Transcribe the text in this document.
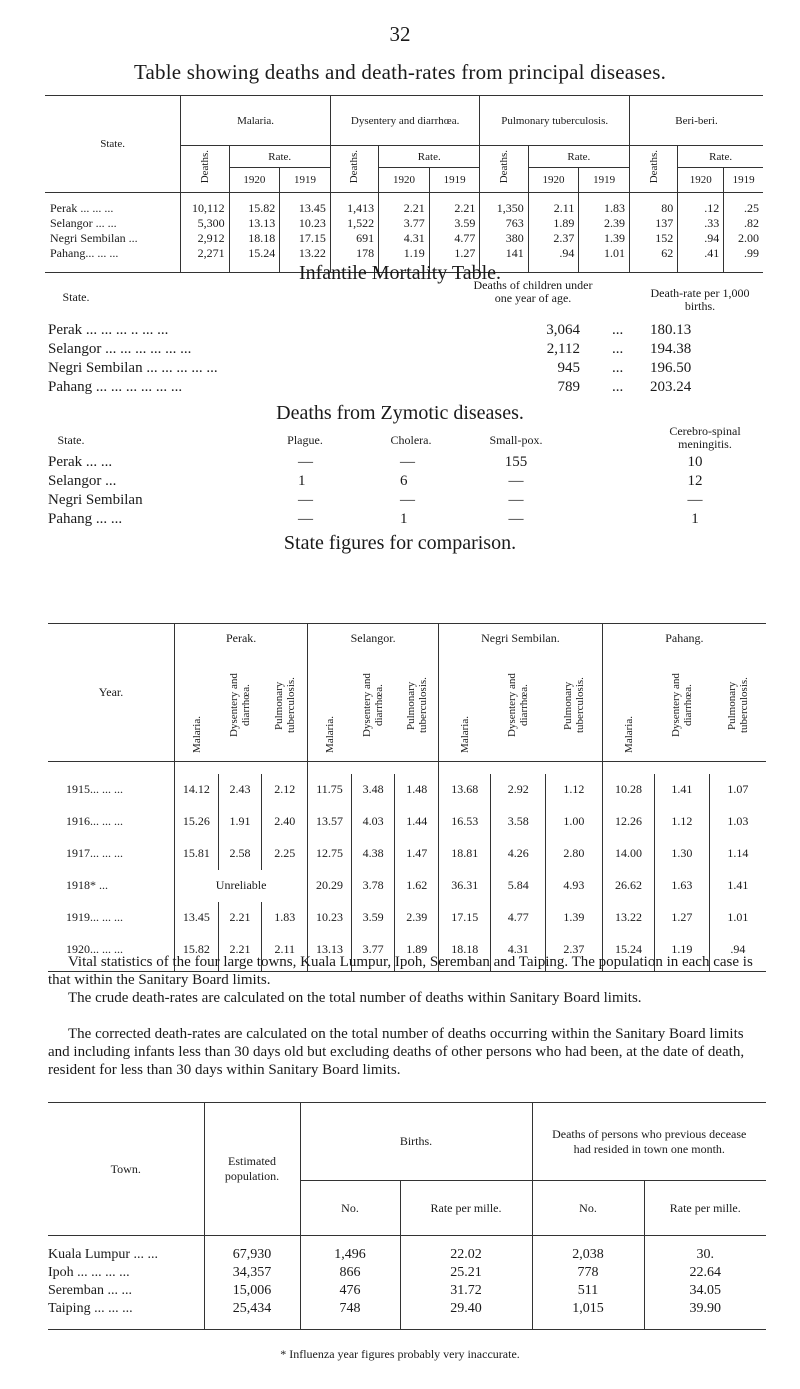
32
Table showing deaths and death-rates from principal diseases.
State.	Malaria.			Dysentery and diarrhœa.			Pulmonary tuberculosis.			Beri-beri.		
	Deaths.	Rate.		Deaths.	Rate.		Deaths.	Rate.		Deaths.	Rate.	
		1920	1919		1920	1919		1920	1919		1920	1919

Perak ... ... ...	10,112	15.82	13.45	1,413	2.21	2.21	1,350	2.11	1.83	80	.12	.25
Selangor ... ...	5,300	13.13	10.23	1,522	3.77	3.59	763	1.89	2.39	137	.33	.82
Negri Sembilan ...	2,912	18.18	17.15	691	4.31	4.77	380	2.37	1.39	152	.94	2.00
Pahang... ... ...	2,271	15.24	13.22	178	1.19	1.27	141	.94	1.01	62	.41	.99

Infantile Mortality Table.
State.
Deaths of children under one year of age.	Death-rate per 1,000 births.
Perak ... ... ... .. ... ...	3,064 ... 180.13
Selangor ... ... ... ... ... ...	2,112 ... 194.38
Negri Sembilan ... ... ... ... ...	945 ... 196.50
Pahang ... ... ... ... ... ...	789 ... 203.24
Deaths from Zymotic diseases.
State.	Plague.	Cholera.	Small-pox.
Cerebro-spinal meningitis.
Perak ... ...	—	—	155	10
Selangor ...	1	6	—	12
Negri Sembilan	—	—	—	—
Pahang ... ...	—	1	—	1
State figures for comparison.
Year.	Perak.			Selangor.			Negri Sembilan.			Pahang.		
	Malaria.	Dysentery and diarrhœa.	Pulmonary tuberculosis.	Malaria.	Dysentery and diarrhœa.	Pulmonary tuberculosis.	Malaria.	Dysentery and diarrhœa.	Pulmonary tuberculosis.	Malaria.	Dysentery and diarrhœa.	Pulmonary tuberculosis.

1915... ... ...	14.12	2.43	2.12	11.75	3.48	1.48	13.68	2.92	1.12	10.28	1.41	1.07
1916... ... ...	15.26	1.91	2.40	13.57	4.03	1.44	16.53	3.58	1.00	12.26	1.12	1.03
1917... ... ...	15.81	2.58	2.25	12.75	4.38	1.47	18.81	4.26	2.80	14.00	1.30	1.14
1918* ...	Unreliable			20.29	3.78	1.62	36.31	5.84	4.93	26.62	1.63	1.41
1919... ... ...	13.45	2.21	1.83	10.23	3.59	2.39	17.15	4.77	1.39	13.22	1.27	1.01
1920... ... ...	15.82	2.21	2.11	13.13	3.77	1.89	18.18	4.31	2.37	15.24	1.19	.94

Vital statistics of the four large towns, Kuala Lumpur, Ipoh, Seremban and Taiping. The population in each case is that within the Sanitary Board limits.
The crude death-rates are calculated on the total number of deaths within Sanitary Board limits.
The corrected death-rates are calculated on the total number of deaths occurring within the Sanitary Board limits and including infants less than 30 days old but excluding deaths of other persons who had been, at the date of death, resident for less than 30 days within Sanitary Board limits.
Town.	Estimated population.	Births.		Deaths of persons who previous decease had resided in town one month.	
		No.	Rate per mille.	No.	Rate per mille.

Kuala Lumpur ... ...	67,930	1,496	22.02	2,038	30.
Ipoh ... ... ... ...	34,357	866	25.21	778	22.64
Seremban ... ...	15,006	476	31.72	511	34.05
Taiping ... ... ...	25,434	748	29.40	1,015	39.90

* Influenza year figures probably very inaccurate.
